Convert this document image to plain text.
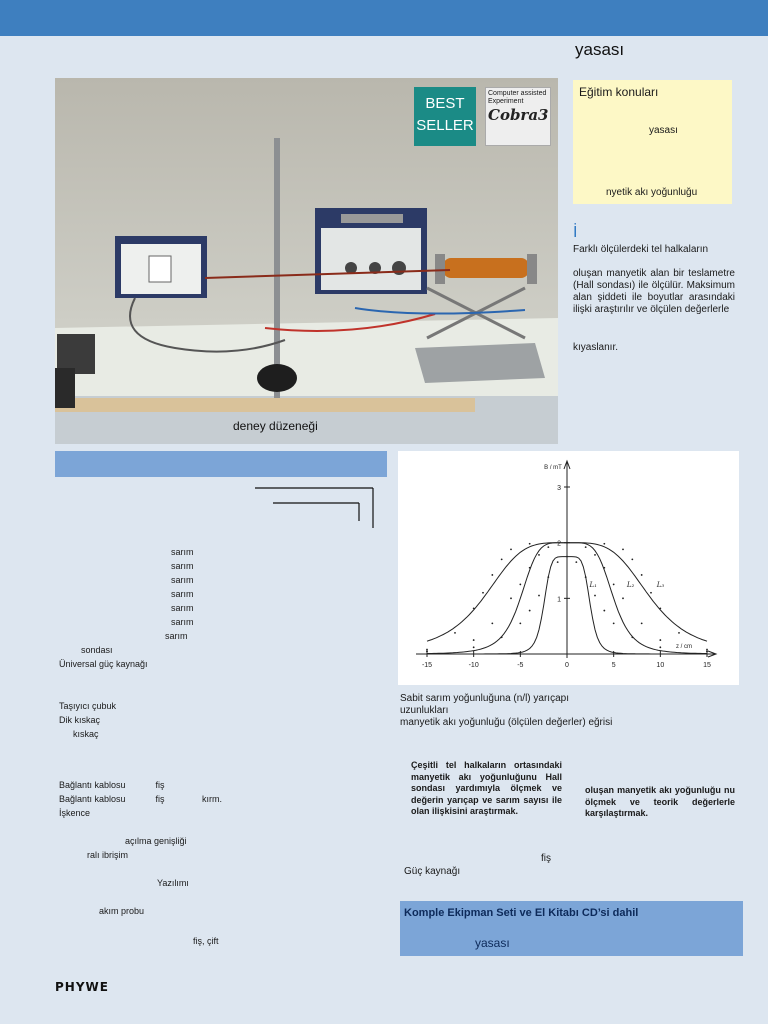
yasası
BEST
SELLER
Computer assisted
Experiment
Cobra3
deney düzeneği
Eğitim konuları
yasası
nyetik akı yoğunluğu
İ
Farklı ölçülerdeki tel halkaların
oluşan manyetik alan bir teslametre (Hall sondası) ile ölçülür. Maksimum alan şiddeti ile boyutlar arasındaki ilişki araştırılır ve ölçülen değerlerle
kıyaslanır.
sarım
sarım
sarım
sarım
sarım
sarım
sarım
sondası
Üniversal güç kaynağı
Taşıyıcı çubuk
Dik kıskaç
kıskaç
Bağlantı kablosu            fiş
Bağlantı kablosu            fiş               kırm.
İşkence
açılma genişliği
ralı ibrişim
Yazılımı
akım probu
fiş, çift
-15	-10	-5	0	5	10	15
1
2
3
B / mT
z / cm
L₁	L₂	L₃
Sabit sarım yoğunluğuna (n/l) yarıçapı
uzunlukları
manyetik akı yoğunluğu (ölçülen değerler) eğrisi
Çeşitli tel halkaların ortasındaki manyetik akı yoğunluğunu Hall sondası yardımıyla ölçmek ve değerin yarıçap ve sarım sayısı ile olan ilişkisini araştırmak.
oluşan manyetik akı yoğunluğu nu ölçmek ve teorik değerlerle karşılaştırmak.
fiş
Güç kaynağı
Komple Ekipman Seti ve El Kitabı CD’si dahil
yasası
PHYWE
